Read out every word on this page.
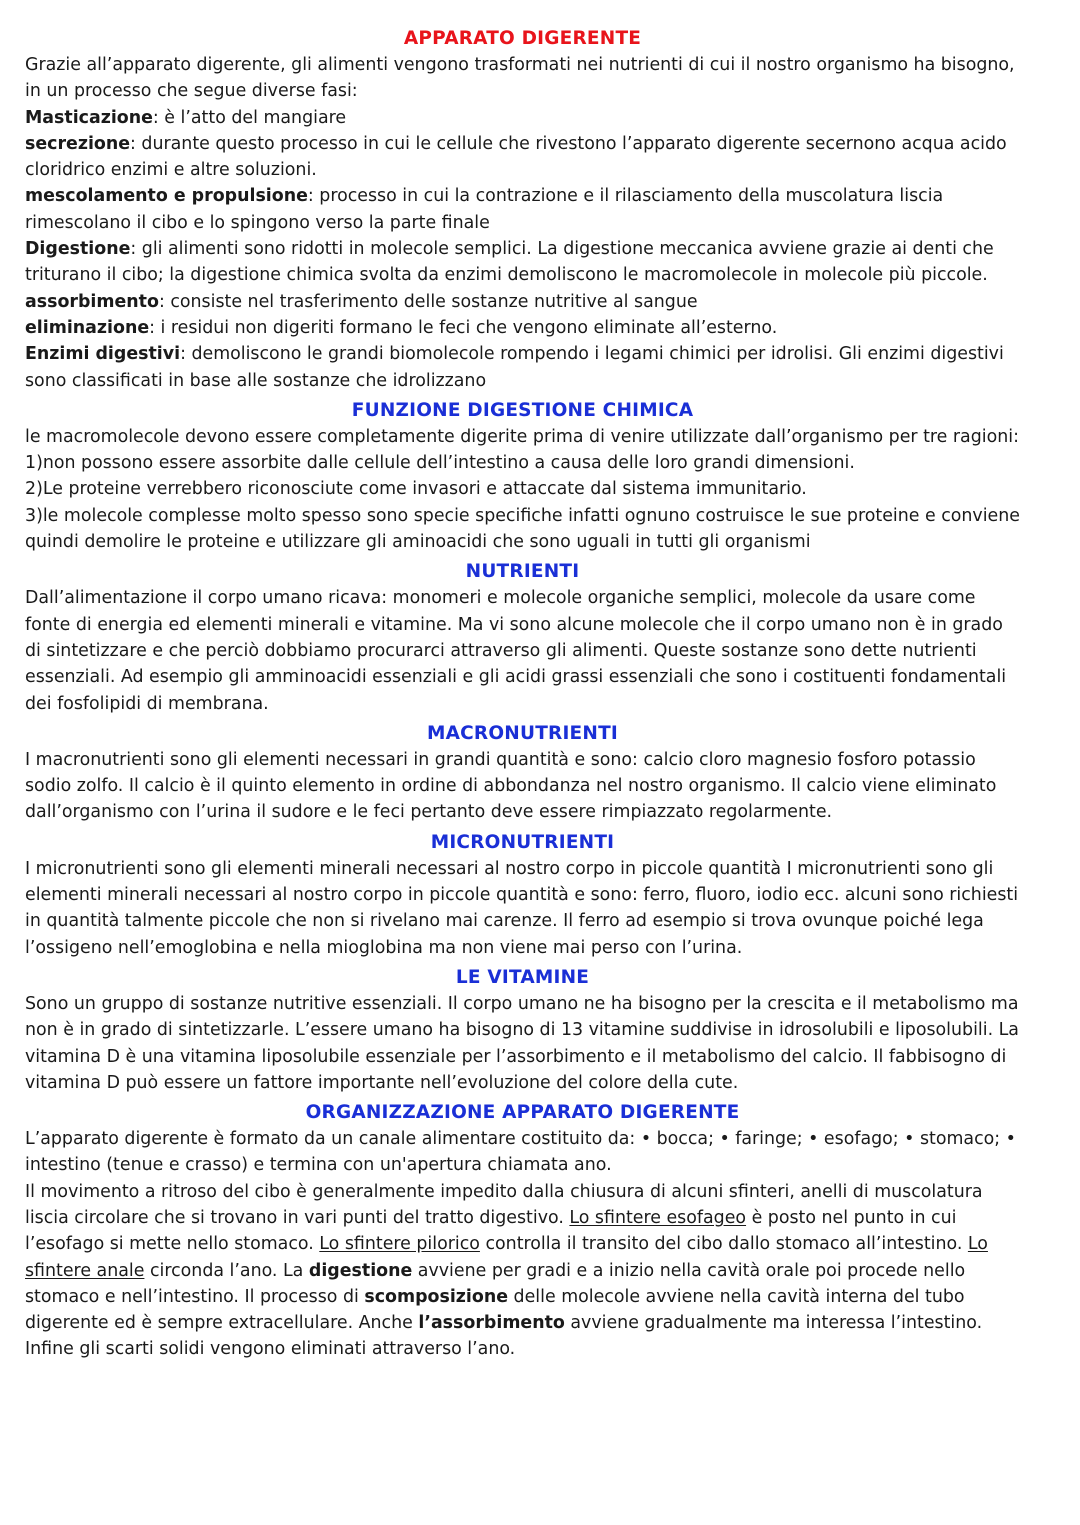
APPARATO DIGERENTE

Grazie all’apparato digerente, gli alimenti vengono trasformati nei nutrienti di cui il nostro organismo ha bisogno, in un processo che segue diverse fasi:

Masticazione: è l’atto del mangiare

secrezione: durante questo processo in cui le cellule che rivestono l’apparato digerente secernono acqua acido cloridrico enzimi e altre soluzioni.

mescolamento e propulsione: processo in cui la contrazione e il rilasciamento della muscolatura liscia rimescolano il cibo e lo spingono verso la parte finale

Digestione: gli alimenti sono ridotti in molecole semplici. La digestione meccanica avviene grazie ai denti che triturano il cibo; la digestione chimica svolta da enzimi demoliscono le macromolecole in molecole più piccole.

assorbimento: consiste nel trasferimento delle sostanze nutritive al sangue

eliminazione: i residui non digeriti formano le feci che vengono eliminate all’esterno.

Enzimi digestivi: demoliscono le grandi biomolecole rompendo i legami chimici per idrolisi. Gli enzimi digestivi sono classificati in base alle sostanze che idrolizzano

FUNZIONE DIGESTIONE CHIMICA

le macromolecole devono essere completamente digerite prima di venire utilizzate dall’organismo per tre ragioni:

1)non possono essere assorbite dalle cellule dell’intestino a causa delle loro grandi dimensioni.

2)Le proteine verrebbero riconosciute come invasori e attaccate dal sistema immunitario.

3)le molecole complesse molto spesso sono specie specifiche infatti ognuno costruisce le sue proteine e conviene quindi demolire le proteine e utilizzare gli aminoacidi che sono uguali in tutti gli organismi

NUTRIENTI

Dall’alimentazione il corpo umano ricava: monomeri e molecole organiche semplici, molecole da usare come fonte di energia ed elementi minerali e vitamine. Ma vi sono alcune molecole che il corpo umano non è in grado di sintetizzare e che perciò dobbiamo procurarci attraverso gli alimenti. Queste sostanze sono dette nutrienti essenziali. Ad esempio gli amminoacidi essenziali e gli acidi grassi essenziali che sono i costituenti fondamentali dei fosfolipidi di membrana.

MACRONUTRIENTI

I macronutrienti sono gli elementi necessari in grandi quantità e sono: calcio cloro magnesio fosforo potassio sodio zolfo. Il calcio è il quinto elemento in ordine di abbondanza nel nostro organismo. Il calcio viene eliminato dall’organismo con l’urina il sudore e le feci pertanto deve essere rimpiazzato regolarmente.

MICRONUTRIENTI

I micronutrienti sono gli elementi minerali necessari al nostro corpo in piccole quantità I micronutrienti sono gli elementi minerali necessari al nostro corpo in piccole quantità e sono: ferro, fluoro, iodio ecc. alcuni sono richiesti in quantità talmente piccole che non si rivelano mai carenze. Il ferro ad esempio si trova ovunque poiché lega l’ossigeno nell’emoglobina e nella mioglobina ma non viene mai perso con l’urina.

LE VITAMINE

Sono un gruppo di sostanze nutritive essenziali. Il corpo umano ne ha bisogno per la crescita e il metabolismo ma non è in grado di sintetizzarle. L’essere umano ha bisogno di 13 vitamine suddivise in idrosolubili e liposolubili. La vitamina D è una vitamina liposolubile essenziale per l’assorbimento e il metabolismo del calcio. Il fabbisogno di vitamina D può essere un fattore importante nell’evoluzione del colore della cute.

ORGANIZZAZIONE APPARATO DIGERENTE

L’apparato digerente è formato da un canale alimentare costituito da: • bocca; • faringe; • esofago; • stomaco; • intestino (tenue e crasso) e termina con un'apertura chiamata ano.

Il movimento a ritroso del cibo è generalmente impedito dalla chiusura di alcuni sfinteri, anelli di muscolatura liscia circolare che si trovano in vari punti del tratto digestivo. Lo sfintere esofageo è posto nel punto in cui l’esofago si mette nello stomaco. Lo sfintere pilorico controlla il transito del cibo dallo stomaco all’intestino. Lo sfintere anale circonda l’ano. La digestione avviene per gradi e a inizio nella cavità orale poi procede nello stomaco e nell’intestino. Il processo di scomposizione delle molecole avviene nella cavità interna del tubo digerente ed è sempre extracellulare. Anche l’assorbimento avviene gradualmente ma interessa l’intestino. Infine gli scarti solidi vengono eliminati attraverso l’ano.
